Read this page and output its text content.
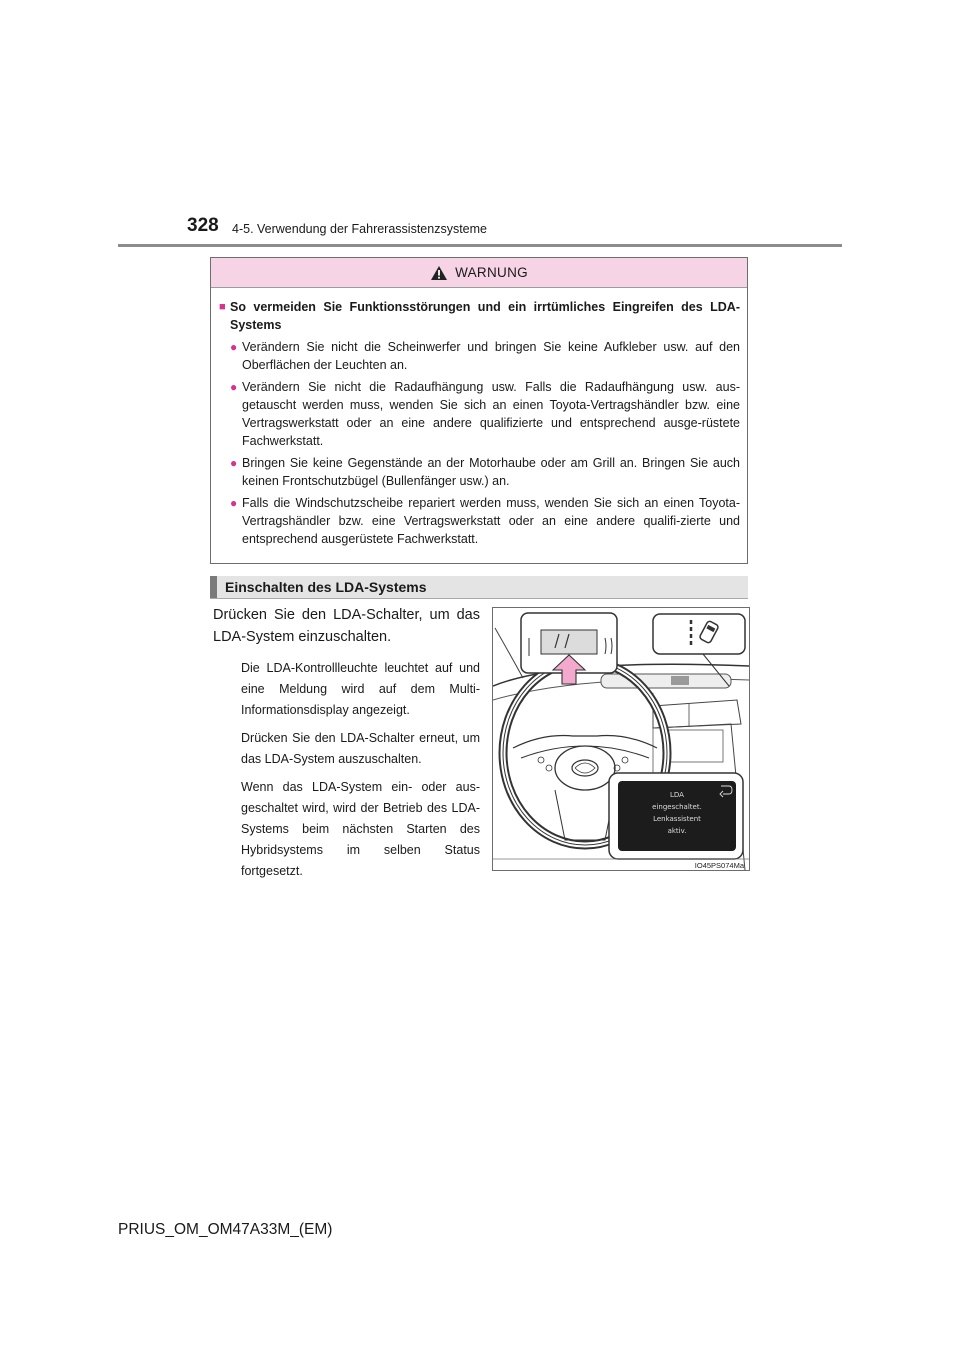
328 4-5. Verwendung der Fahrerassistenzsysteme
WARNUNG
■ So vermeiden Sie Funktionsstörungen und ein irrtümliches Eingreifen des LDA-Systems
● Verändern Sie nicht die Scheinwerfer und bringen Sie keine Aufkleber usw. auf den Oberflächen der Leuchten an.
● Verändern Sie nicht die Radaufhängung usw. Falls die Radaufhängung usw. aus-getauscht werden muss, wenden Sie sich an einen Toyota-Vertragshändler bzw. eine Vertragswerkstatt oder an eine andere qualifizierte und entsprechend ausge-rüstete Fachwerkstatt.
● Bringen Sie keine Gegenstände an der Motorhaube oder am Grill an. Bringen Sie auch keinen Frontschutzbügel (Bullenfänger usw.) an.
● Falls die Windschutzscheibe repariert werden muss, wenden Sie sich an einen Toyota-Vertragshändler bzw. eine Vertragswerkstatt oder an eine andere qualifi-zierte und entsprechend ausgerüstete Fachwerkstatt.
Einschalten des LDA-Systems

Drücken Sie den LDA-Schalter, um das LDA-System einzuschalten.

Die LDA-Kontrollleuchte leuchtet auf und eine Meldung wird auf dem Multi-Informationsdisplay angezeigt.

Drücken Sie den LDA-Schalter erneut, um das LDA-System auszuschalten.

Wenn das LDA-System ein- oder aus-geschaltet wird, wird der Betrieb des LDA-Systems beim nächsten Starten des Hybridsystems im selben Status fortgesetzt.

LDA
eingeschaltet.
Lenkassistent
aktiv.
IO45PS074Ma
PRIUS_OM_OM47A33M_(EM)
